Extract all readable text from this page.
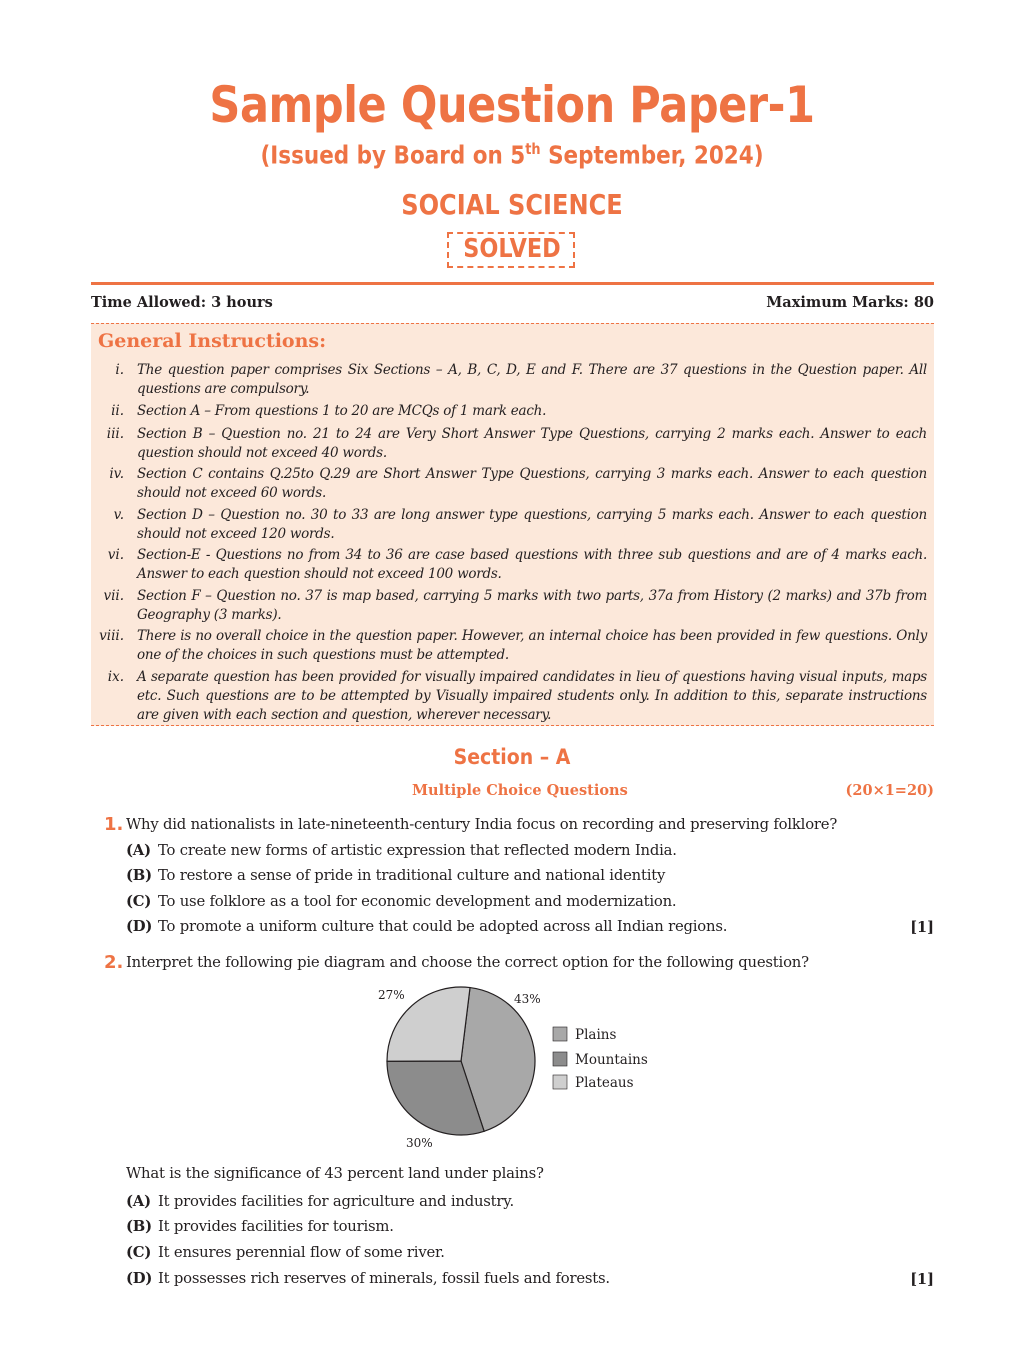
Sample Question Paper-1
(Issued by Board on 5th September, 2024)
SOCIAL SCIENCE
SOLVED
Time Allowed: 3 hours	Maximum Marks: 80
General Instructions:
i. The question paper comprises Six Sections – A, B, C, D, E and F. There are 37 questions in the Question paper. All questions are compulsory.
ii. Section A – From questions 1 to 20 are MCQs of 1 mark each.
iii. Section B – Question no. 21 to 24 are Very Short Answer Type Questions, carrying 2 marks each. Answer to each question should not exceed 40 words.
iv. Section C contains Q.25to Q.29 are Short Answer Type Questions, carrying 3 marks each. Answer to each question should not exceed 60 words.
v. Section D – Question no. 30 to 33 are long answer type questions, carrying 5 marks each. Answer to each question should not exceed 120 words.
vi. Section-E - Questions no from 34 to 36 are case based questions with three sub questions and are of 4 marks each. Answer to each question should not exceed 100 words.
vii. Section F – Question no. 37 is map based, carrying 5 marks with two parts, 37a from History (2 marks) and 37b from Geography (3 marks).
viii. There is no overall choice in the question paper. However, an internal choice has been provided in few questions. Only one of the choices in such questions must be attempted.
ix. A separate question has been provided for visually impaired candidates in lieu of questions having visual inputs, maps etc. Such questions are to be attempted by Visually impaired students only. In addition to this, separate instructions are given with each section and question, wherever necessary.
Section – A
Multiple Choice Questions	(20×1=20)
1. Why did nationalists in late-nineteenth-century India focus on recording and preserving folklore?
(A) To create new forms of artistic expression that reflected modern India.
(B) To restore a sense of pride in traditional culture and national identity
(C) To use folklore as a tool for economic development and modernization.
(D) To promote a uniform culture that could be adopted across all Indian regions.	[1]
2. Interpret the following pie diagram and choose the correct option for the following question?
43%
30%
27%
Plains
Mountains
Plateaus
What is the significance of 43 percent land under plains?
(A) It provides facilities for agriculture and industry.
(B) It provides facilities for tourism.
(C) It ensures perennial flow of some river.
(D) It possesses rich reserves of minerals, fossil fuels and forests.	[1]
